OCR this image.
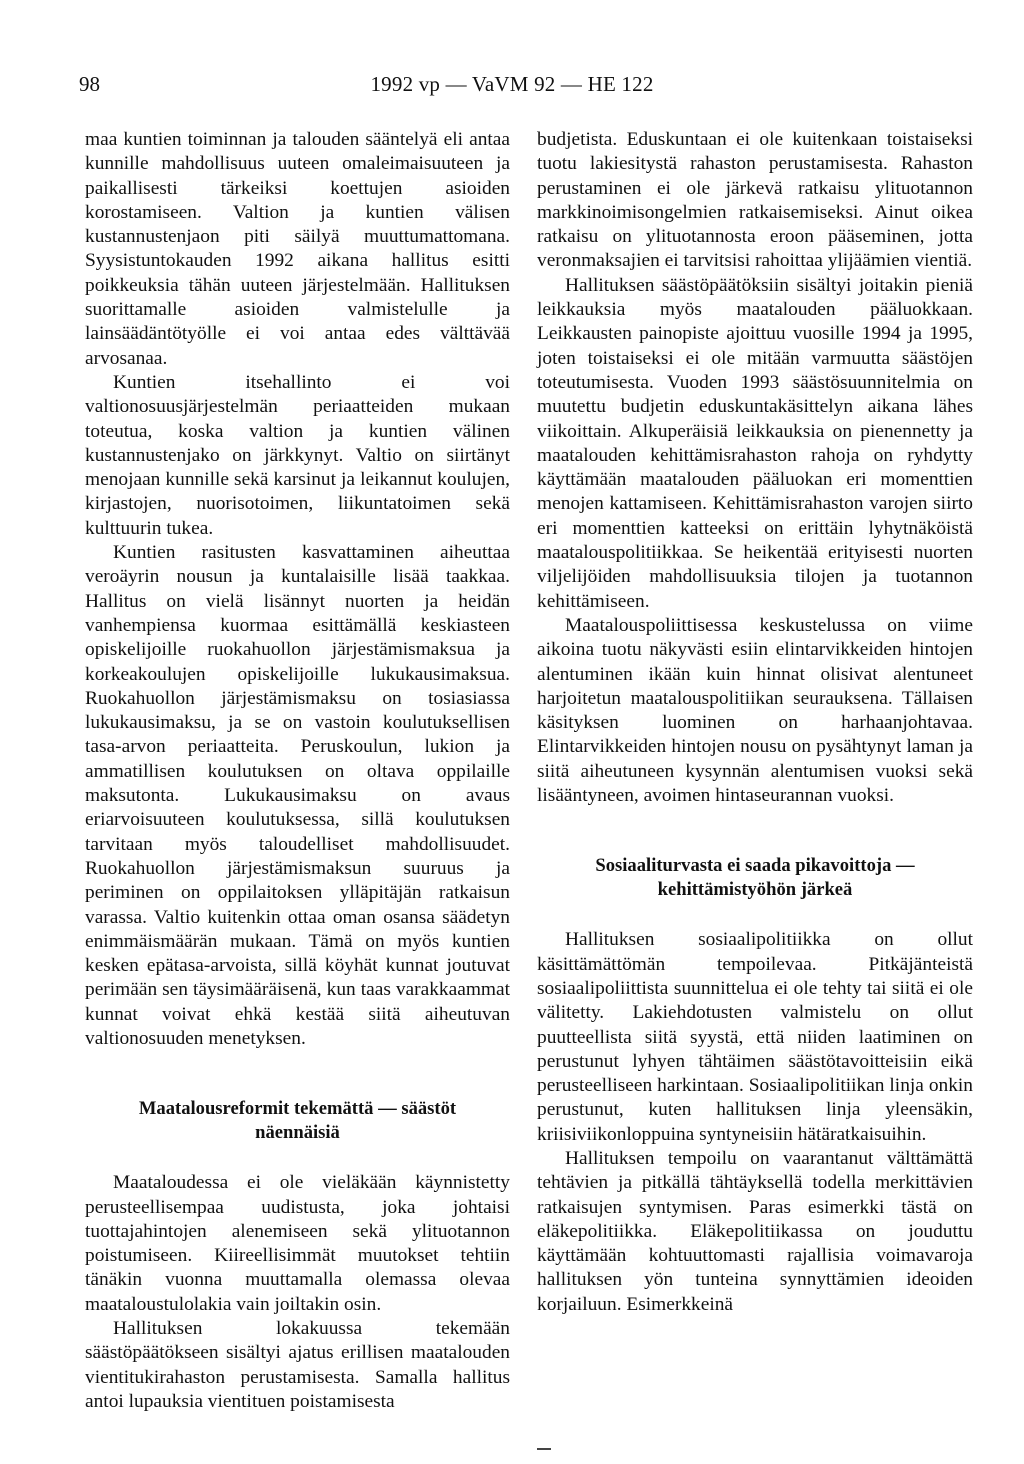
98	1992 vp — VaVM 92 — HE 122

maa kuntien toiminnan ja talouden sääntelyä eli antaa kunnille mahdollisuus uuteen omaleimaisuuteen ja paikallisesti tärkeiksi koettujen asioiden korostamiseen. Valtion ja kuntien välisen kustannustenjaon piti säilyä muuttumattomana. Syysistuntokauden 1992 aikana hallitus esitti poikkeuksia tähän uuteen järjestelmään. Hallituksen suorittamalle asioiden valmistelulle ja lainsäädäntötyölle ei voi antaa edes välttävää arvosanaa.

Kuntien itsehallinto ei voi valtionosuusjärjestelmän periaatteiden mukaan toteutua, koska valtion ja kuntien välinen kustannustenjako on järkkynyt. Valtio on siirtänyt menojaan kunnille sekä karsinut ja leikannut koulujen, kirjastojen, nuorisotoimen, liikuntatoimen sekä kulttuurin tukea.

Kuntien rasitusten kasvattaminen aiheuttaa veroäyrin nousun ja kuntalaisille lisää taakkaa. Hallitus on vielä lisännyt nuorten ja heidän vanhempiensa kuormaa esittämällä keskiasteen opiskelijoille ruokahuollon järjestämismaksua ja korkeakoulujen opiskelijoille lukukausimaksua. Ruokahuollon järjestämismaksu on tosiasiassa lukukausimaksu, ja se on vastoin koulutuksellisen tasa-arvon periaatteita. Peruskoulun, lukion ja ammatillisen koulutuksen on oltava oppilaille maksutonta. Lukukausimaksu on avaus eriarvoisuuteen koulutuksessa, sillä koulutuksen tarvitaan myös taloudelliset mahdollisuudet. Ruokahuollon järjestämismaksun suuruus ja periminen on oppilaitoksen ylläpitäjän ratkaisun varassa. Valtio kuitenkin ottaa oman osansa säädetyn enimmäismäärän mukaan. Tämä on myös kuntien kesken epätasa-arvoista, sillä köyhät kunnat joutuvat perimään sen täysimääräisenä, kun taas varakkaammat kunnat voivat ehkä kestää siitä aiheutuvan valtionosuuden menetyksen.

Maatalousreformit tekemättä — säästöt näennäisiä

Maataloudessa ei ole vieläkään käynnistetty perusteellisempaa uudistusta, joka johtaisi tuottajahintojen alenemiseen sekä ylituotannon poistumiseen. Kiireellisimmät muutokset tehtiin tänäkin vuonna muuttamalla olemassa olevaa maataloustulolakia vain joiltakin osin.

Hallituksen lokakuussa tekemään säästöpäätökseen sisältyi ajatus erillisen maatalouden vientitukirahaston perustamisesta. Samalla hallitus antoi lupauksia vientituen poistamisesta

budjetista. Eduskuntaan ei ole kuitenkaan toistaiseksi tuotu lakiesitystä rahaston perustamisesta. Rahaston perustaminen ei ole järkevä ratkaisu ylituotannon markkinoimisongelmien ratkaisemiseksi. Ainut oikea ratkaisu on ylituotannosta eroon pääseminen, jotta veronmaksajien ei tarvitsisi rahoittaa ylijäämien vientiä.

Hallituksen säästöpäätöksiin sisältyi joitakin pieniä leikkauksia myös maatalouden pääluokkaan. Leikkausten painopiste ajoittuu vuosille 1994 ja 1995, joten toistaiseksi ei ole mitään varmuutta säästöjen toteutumisesta. Vuoden 1993 säästösuunnitelmia on muutettu budjetin eduskuntakäsittelyn aikana lähes viikoittain. Alkuperäisiä leikkauksia on pienennetty ja maatalouden kehittämisrahaston rahoja on ryhdytty käyttämään maatalouden pääluokan eri momenttien menojen kattamiseen. Kehittämisrahaston varojen siirto eri momenttien katteeksi on erittäin lyhytnäköistä maatalouspolitiikkaa. Se heikentää erityisesti nuorten viljelijöiden mahdollisuuksia tilojen ja tuotannon kehittämiseen.

Maatalouspoliittisessa keskustelussa on viime aikoina tuotu näkyvästi esiin elintarvikkeiden hintojen alentuminen ikään kuin hinnat olisivat alentuneet harjoitetun maatalouspolitiikan seurauksena. Tällaisen käsityksen luominen on harhaanjohtavaa. Elintarvikkeiden hintojen nousu on pysähtynyt laman ja siitä aiheutuneen kysynnän alentumisen vuoksi sekä lisääntyneen, avoimen hintaseurannan vuoksi.

Sosiaaliturvasta ei saada pikavoittoja — kehittämistyöhön järkeä

Hallituksen sosiaalipolitiikka on ollut käsittämättömän tempoilevaa. Pitkäjänteistä sosiaalipoliittista suunnittelua ei ole tehty tai siitä ei ole välitetty. Lakiehdotusten valmistelu on ollut puutteellista siitä syystä, että niiden laatiminen on perustunut lyhyen tähtäimen säästötavoitteisiin eikä perusteelliseen harkintaan. Sosiaalipolitiikan linja onkin perustunut, kuten hallituksen linja yleensäkin, kriisiviikonloppuina syntyneisiin hätäratkaisuihin.

Hallituksen tempoilu on vaarantanut välttämättä tehtävien ja pitkällä tähtäyksellä todella merkittävien ratkaisujen syntymisen. Paras esimerkki tästä on eläkepolitiikka. Eläkepolitiikassa on jouduttu käyttämään kohtuuttomasti rajallisia voimavaroja hallituksen yön tunteina synnyttämien ideoiden korjailuun. Esimerkkeinä
